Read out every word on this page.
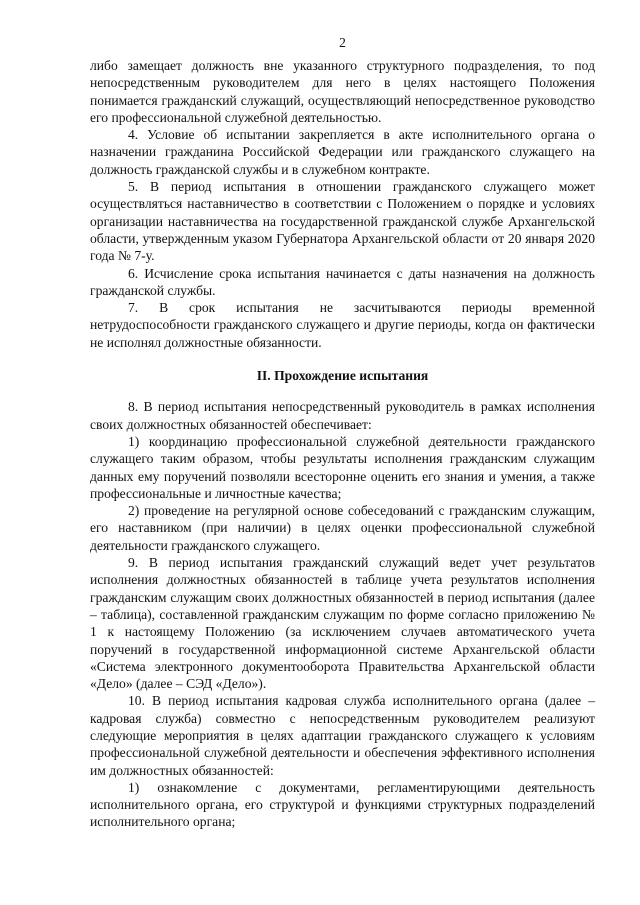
2

либо замещает должность вне указанного структурного подразделения, то под непосредственным руководителем для него в целях настоящего Положения понимается гражданский служащий, осуществляющий непосредственное руководство его профессиональной служебной деятельностью.

4. Условие об испытании закрепляется в акте исполнительного органа о назначении гражданина Российской Федерации или гражданского служащего на должность гражданской службы и в служебном контракте.

5. В период испытания в отношении гражданского служащего может осуществляться наставничество в соответствии с Положением о порядке и условиях организации наставничества на государственной гражданской службе Архангельской области, утвержденным указом Губернатора Архангельской области от 20 января 2020 года № 7-у.

6. Исчисление срока испытания начинается с даты назначения на должность гражданской службы.

7. В срок испытания не засчитываются периоды временной нетрудоспособности гражданского служащего и другие периоды, когда он фактически не исполнял должностные обязанности.

II. Прохождение испытания

8. В период испытания непосредственный руководитель в рамках исполнения своих должностных обязанностей обеспечивает:

1) координацию профессиональной служебной деятельности гражданского служащего таким образом, чтобы результаты исполнения гражданским служащим данных ему поручений позволяли всесторонне оценить его знания и умения, а также профессиональные и личностные качества;

2) проведение на регулярной основе собеседований с гражданским служащим, его наставником (при наличии) в целях оценки профессиональной служебной деятельности гражданского служащего.

9. В период испытания гражданский служащий ведет учет результатов исполнения должностных обязанностей в таблице учета результатов исполнения гражданским служащим своих должностных обязанностей в период испытания (далее – таблица), составленной гражданским служащим по форме согласно приложению № 1 к настоящему Положению (за исключением случаев автоматического учета поручений в государственной информационной системе Архангельской области «Система электронного документооборота Правительства Архангельской области «Дело» (далее – СЭД «Дело»).

10. В период испытания кадровая служба исполнительного органа (далее – кадровая служба) совместно с непосредственным руководителем реализуют следующие мероприятия в целях адаптации гражданского служащего к условиям профессиональной служебной деятельности и обеспечения эффективного исполнения им должностных обязанностей:

1) ознакомление с документами, регламентирующими деятельность исполнительного органа, его структурой и функциями структурных подразделений исполнительного органа;
